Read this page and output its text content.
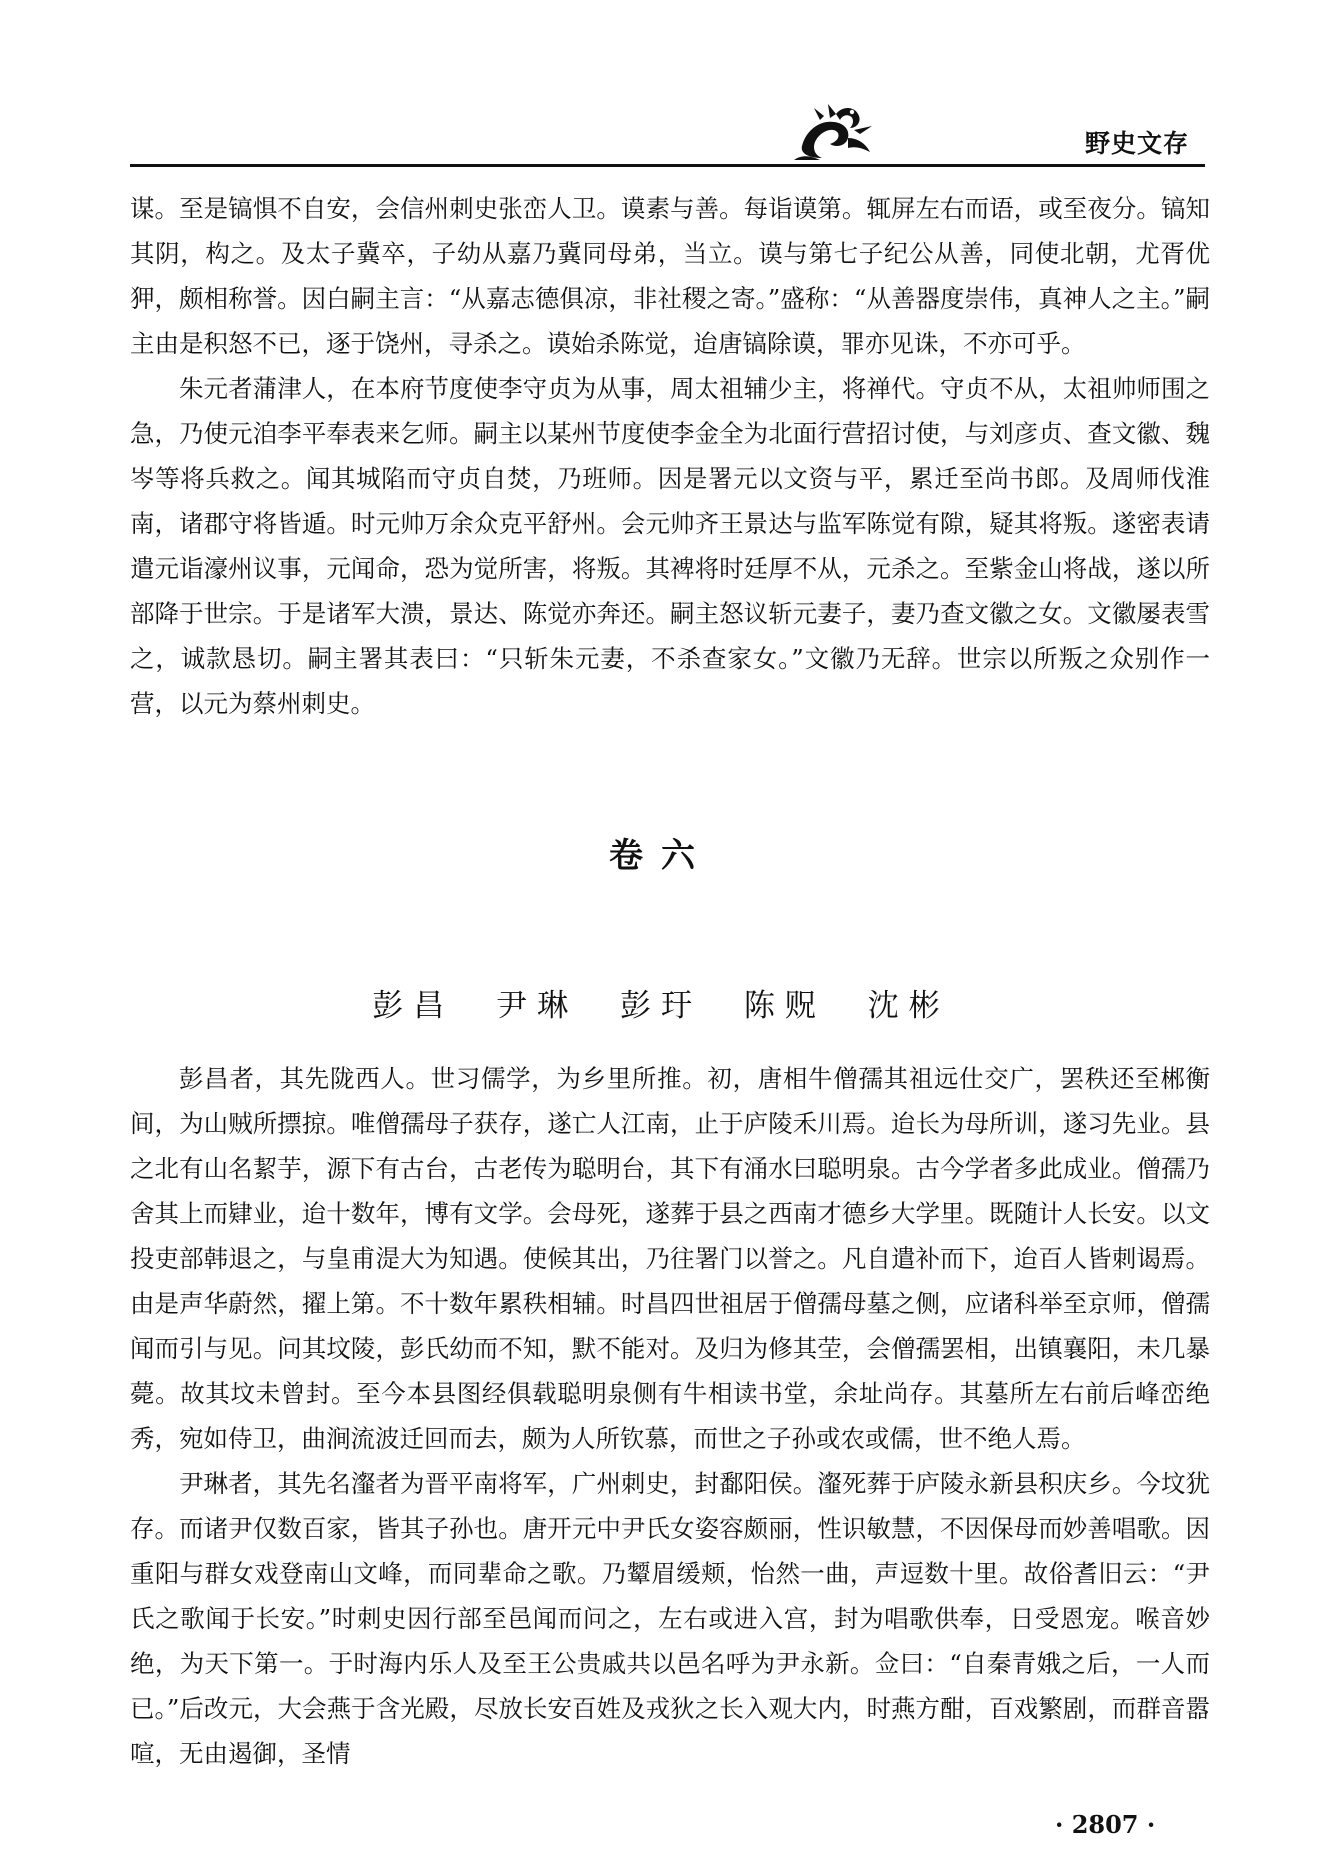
野史文存

谋。至是镐惧不自安，会信州刺史张峦人卫。谟素与善。每诣谟第。辄屏左右而语，或至夜分。镐知其阴，构之。及太子冀卒，子幼从嘉乃冀同母弟，当立。谟与第七子纪公从善，同使北朝，尤胥优狎，颇相称誉。因白嗣主言：“从嘉志德俱凉，非社稷之寄。”盛称：“从善器度崇伟，真神人之主。”嗣主由是积怒不已，逐于饶州，寻杀之。谟始杀陈觉，迨唐镐除谟，罪亦见诛，不亦可乎。

朱元者蒲津人，在本府节度使李守贞为从事，周太祖辅少主，将禅代。守贞不从，太祖帅师围之急，乃使元洎李平奉表来乞师。嗣主以某州节度使李金全为北面行营招讨使，与刘彦贞、查文徽、魏岑等将兵救之。闻其城陷而守贞自焚，乃班师。因是署元以文资与平，累迁至尚书郎。及周师伐淮南，诸郡守将皆遁。时元帅万余众克平舒州。会元帅齐王景达与监军陈觉有隙，疑其将叛。遂密表请遣元诣濠州议事，元闻命，恐为觉所害，将叛。其裨将时廷厚不从，元杀之。至紫金山将战，遂以所部降于世宗。于是诸军大溃，景达、陈觉亦奔还。嗣主怒议斩元妻子，妻乃查文徽之女。文徽屡表雪之，诚款恳切。嗣主署其表曰：“只斩朱元妻，不杀查家女。”文徽乃无辞。世宗以所叛之众别作一营，以元为蔡州刺史。

卷六
彭昌 尹琳 彭玗 陈贶 沈彬

彭昌者，其先陇西人。世习儒学，为乡里所推。初，唐相牛僧孺其祖远仕交广，罢秩还至郴衡间，为山贼所摽掠。唯僧孺母子获存，遂亡人江南，止于庐陵禾川焉。迨长为母所训，遂习先业。县之北有山名絜芋，源下有古台，古老传为聪明台，其下有涌水曰聪明泉。古今学者多此成业。僧孺乃舍其上而肄业，迨十数年，博有文学。会母死，遂葬于县之西南才德乡大学里。既随计人长安。以文投吏部韩退之，与皇甫湜大为知遇。使候其出，乃往署门以誉之。凡自遣补而下，迨百人皆刺谒焉。由是声华蔚然，擢上第。不十数年累秩相辅。时昌四世祖居于僧孺母墓之侧，应诸科举至京师，僧孺闻而引与见。问其坟陵，彭氏幼而不知，默不能对。及归为修其茔，会僧孺罢相，出镇襄阳，未几暴薨。故其坟未曾封。至今本县图经俱载聪明泉侧有牛相读书堂，余址尚存。其墓所左右前后峰峦绝秀，宛如侍卫，曲涧流波迁回而去，颇为人所钦慕，而世之子孙或农或儒，世不绝人焉。

尹琳者，其先名瀣者为晋平南将军，广州刺史，封鄱阳侯。瀣死葬于庐陵永新县积庆乡。今坟犹存。而诸尹仅数百家，皆其子孙也。唐开元中尹氏女姿容颇丽，性识敏慧，不因保母而妙善唱歌。因重阳与群女戏登南山文峰，而同辈命之歌。乃颦眉缓颊，怡然一曲，声逗数十里。故俗耆旧云：“尹氏之歌闻于长安。”时刺史因行部至邑闻而问之，左右或进入宫，封为唱歌供奉，日受恩宠。喉音妙绝，为天下第一。于时海内乐人及至王公贵戚共以邑名呼为尹永新。佥曰：“自秦青娥之后，一人而已。”后改元，大会燕于含光殿，尽放长安百姓及戎狄之长入观大内，时燕方酣，百戏繁剧，而群音嚣喧，无由遏御，圣情

· 2807 ·
